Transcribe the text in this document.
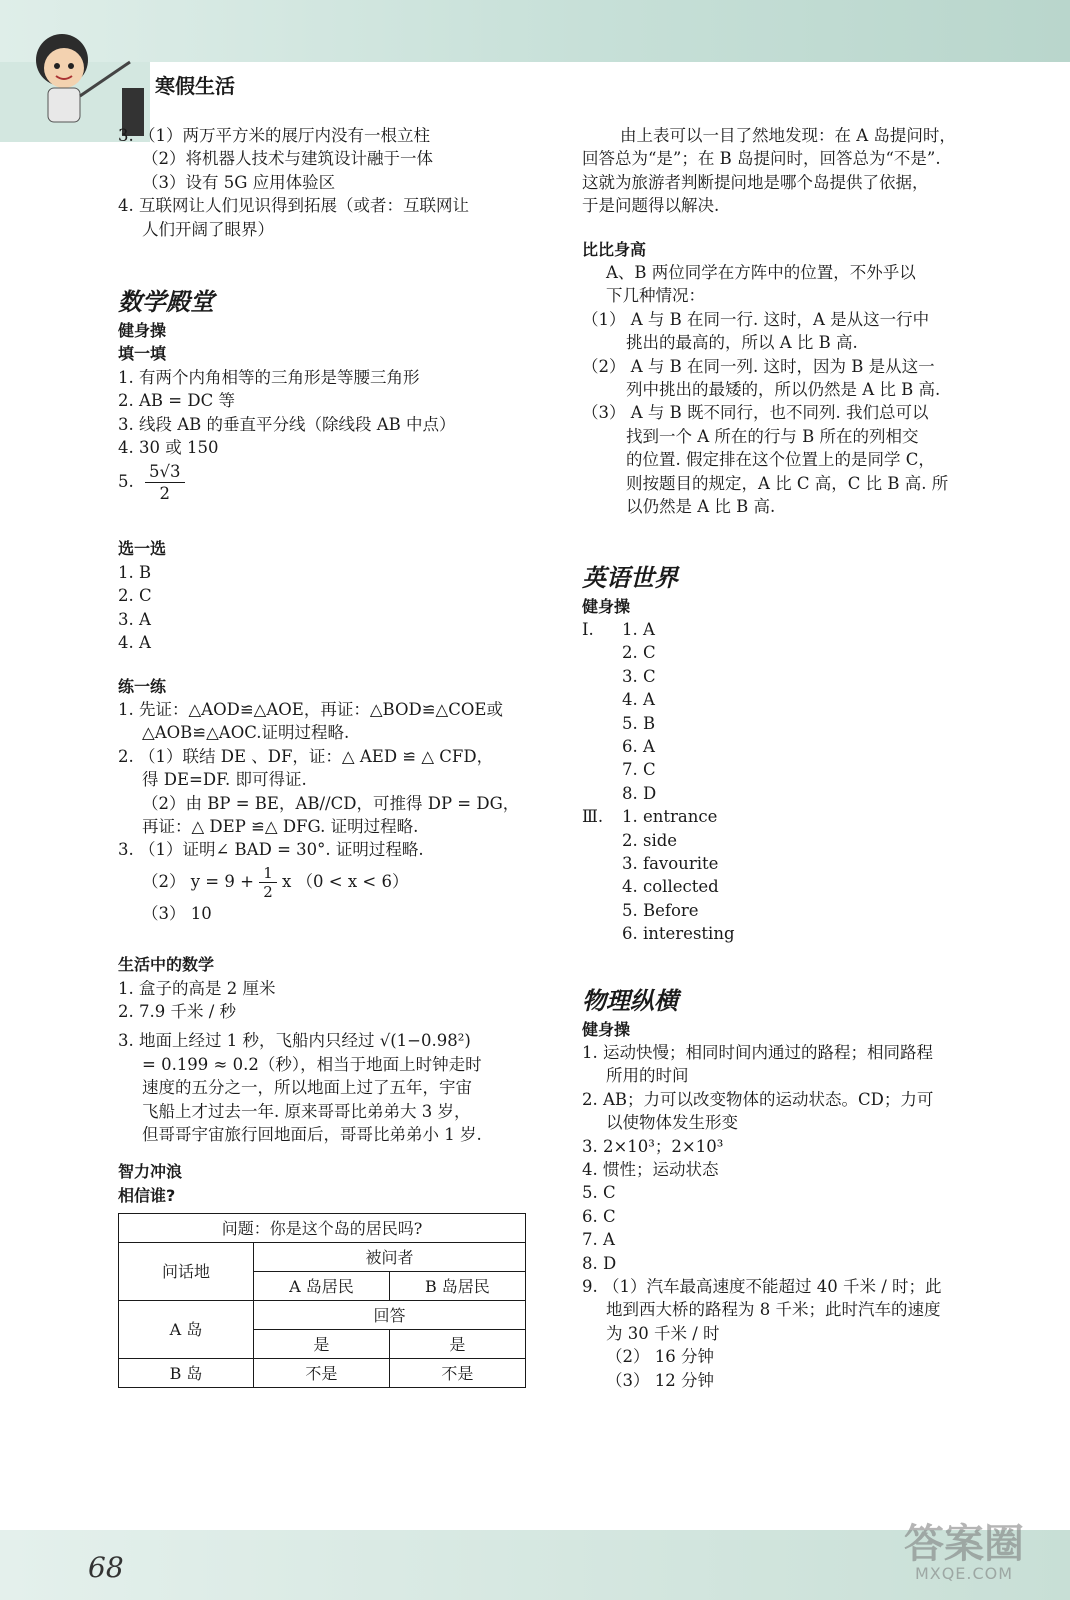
寒假生活
3. （1）两万平方米的展厅内没有一根立柱
（2）将机器人技术与建筑设计融于一体
（3）设有 5G 应用体验区
4. 互联网让人们见识得到拓展（或者：互联网让
人们开阔了眼界）
数学殿堂
健身操
填一填
1. 有两个内角相等的三角形是等腰三角形
2. AB = DC 等
3. 线段 AB 的垂直平分线（除线段 AB 中点）
4. 30 或 150
5. $\frac{5√3}{2}$
选一选
1. B
2. C
3. A
4. A
练一练
1. 先证：△AOD≌△AOE，再证：△BOD≌△COE或
△AOB≌△AOC.证明过程略.
2. （1）联结 DE 、DF，证：△ AED ≌ △ CFD，
得 DE=DF. 即可得证.
（2）由 BP = BE，AB//CD，可推得 DP = DG，
再证：△ DEP ≌△ DFG. 证明过程略.
3. （1）证明∠ BAD = 30°. 证明过程略.
（2） $y = 9 + \frac{1}{2}$ x （0 < x < 6）
（3） 10
生活中的数学
1. 盒子的高是 2 厘米
2. 7.9 千米 / 秒
3. 地面上经过 1 秒，飞船内只经过 √(1−0.98²)
= 0.199 ≈ 0.2（秒），相当于地面上时钟走时
速度的五分之一，所以地面上过了五年，宇宙
飞船上才过去一年. 原来哥哥比弟弟大 3 岁，
但哥哥宇宙旅行回地面后，哥哥比弟弟小 1 岁.
智力冲浪
相信谁?
问题：你是这个岛的居民吗?		
问话地	被问者	
	A 岛居民	B 岛居民
A 岛	回答	
	是	是
B 岛	不是	不是
由上表可以一目了然地发现：在 A 岛提问时，
回答总为“是”；在 B 岛提问时，回答总为“不是”.
这就为旅游者判断提问地是哪个岛提供了依据，
于是问题得以解决.
比比身高
A、B 两位同学在方阵中的位置，不外乎以
下几种情况：
（1） A 与 B 在同一行. 这时，A 是从这一行中
挑出的最高的，所以 A 比 B 高.
（2） A 与 B 在同一列. 这时，因为 B 是从这一
列中挑出的最矮的，所以仍然是 A 比 B 高.
（3） A 与 B 既不同行，也不同列. 我们总可以
找到一个 A 所在的行与 B 所在的列相交
的位置. 假定排在这个位置上的是同学 C，
则按题目的规定，A 比 C 高，C 比 B 高. 所
以仍然是 A 比 B 高.
英语世界
健身操
I.	1. A
2. C
3. C
4. A
5. B
6. A
7. C
8. D
Ⅲ.	1. entrance
2. side
3. favourite
4. collected
5. Before
6. interesting
物理纵横
健身操
1. 运动快慢；相同时间内通过的路程；相同路程
所用的时间
2. AB；力可以改变物体的运动状态。CD；力可
以使物体发生形变
3. 2×10³；2×10³
4. 惯性；运动状态
5. C
6. C
7. A
8. D
9. （1）汽车最高速度不能超过 40 千米 / 时；此
地到西大桥的路程为 8 千米；此时汽车的速度
为 30 千米 / 时
（2） 16 分钟
（3） 12 分钟
68
答案圈
MXQE.COM
